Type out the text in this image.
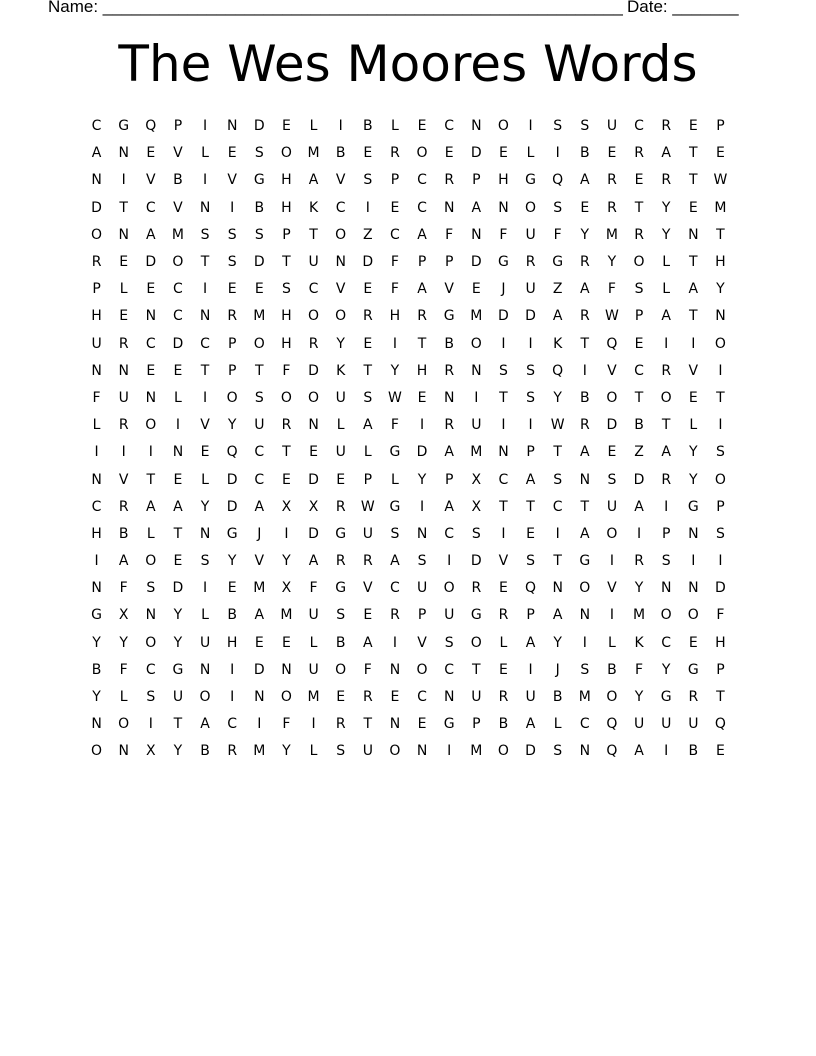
Name: _______________________________________________________ Date: _______
The Wes Moores Words
C	G	Q	P	I	N	D	E	L	I	B	L	E	C	N	O	I	S	S	U	C	R	E	P
A	N	E	V	L	E	S	O	M	B	E	R	O	E	D	E	L	I	B	E	R	A	T	E
N	I	V	B	I	V	G	H	A	V	S	P	C	R	P	H	G	Q	A	R	E	R	T	W
D	T	C	V	N	I	B	H	K	C	I	E	C	N	A	N	O	S	E	R	T	Y	E	M
O	N	A	M	S	S	S	P	T	O	Z	C	A	F	N	F	U	F	Y	M	R	Y	N	T
R	E	D	O	T	S	D	T	U	N	D	F	P	P	D	G	R	G	R	Y	O	L	T	H
P	L	E	C	I	E	E	S	C	V	E	F	A	V	E	J	U	Z	A	F	S	L	A	Y
H	E	N	C	N	R	M	H	O	O	R	H	R	G	M	D	D	A	R	W	P	A	T	N
U	R	C	D	C	P	O	H	R	Y	E	I	T	B	O	I	I	K	T	Q	E	I	I	O
N	N	E	E	T	P	T	F	D	K	T	Y	H	R	N	S	S	Q	I	V	C	R	V	I
F	U	N	L	I	O	S	O	O	U	S	W	E	N	I	T	S	Y	B	O	T	O	E	T
L	R	O	I	V	Y	U	R	N	L	A	F	I	R	U	I	I	W	R	D	B	T	L	I
I	I	I	N	E	Q	C	T	E	U	L	G	D	A	M	N	P	T	A	E	Z	A	Y	S
N	V	T	E	L	D	C	E	D	E	P	L	Y	P	X	C	A	S	N	S	D	R	Y	O
C	R	A	A	Y	D	A	X	X	R	W	G	I	A	X	T	T	C	T	U	A	I	G	P
H	B	L	T	N	G	J	I	D	G	U	S	N	C	S	I	E	I	A	O	I	P	N	S
I	A	O	E	S	Y	V	Y	A	R	R	A	S	I	D	V	S	T	G	I	R	S	I	I
N	F	S	D	I	E	M	X	F	G	V	C	U	O	R	E	Q	N	O	V	Y	N	N	D
G	X	N	Y	L	B	A	M	U	S	E	R	P	U	G	R	P	A	N	I	M	O	O	F
Y	Y	O	Y	U	H	E	E	L	B	A	I	V	S	O	L	A	Y	I	L	K	C	E	H
B	F	C	G	N	I	D	N	U	O	F	N	O	C	T	E	I	J	S	B	F	Y	G	P
Y	L	S	U	O	I	N	O	M	E	R	E	C	N	U	R	U	B	M	O	Y	G	R	T
N	O	I	T	A	C	I	F	I	R	T	N	E	G	P	B	A	L	C	Q	U	U	U	Q
O	N	X	Y	B	R	M	Y	L	S	U	O	N	I	M	O	D	S	N	Q	A	I	B	E
